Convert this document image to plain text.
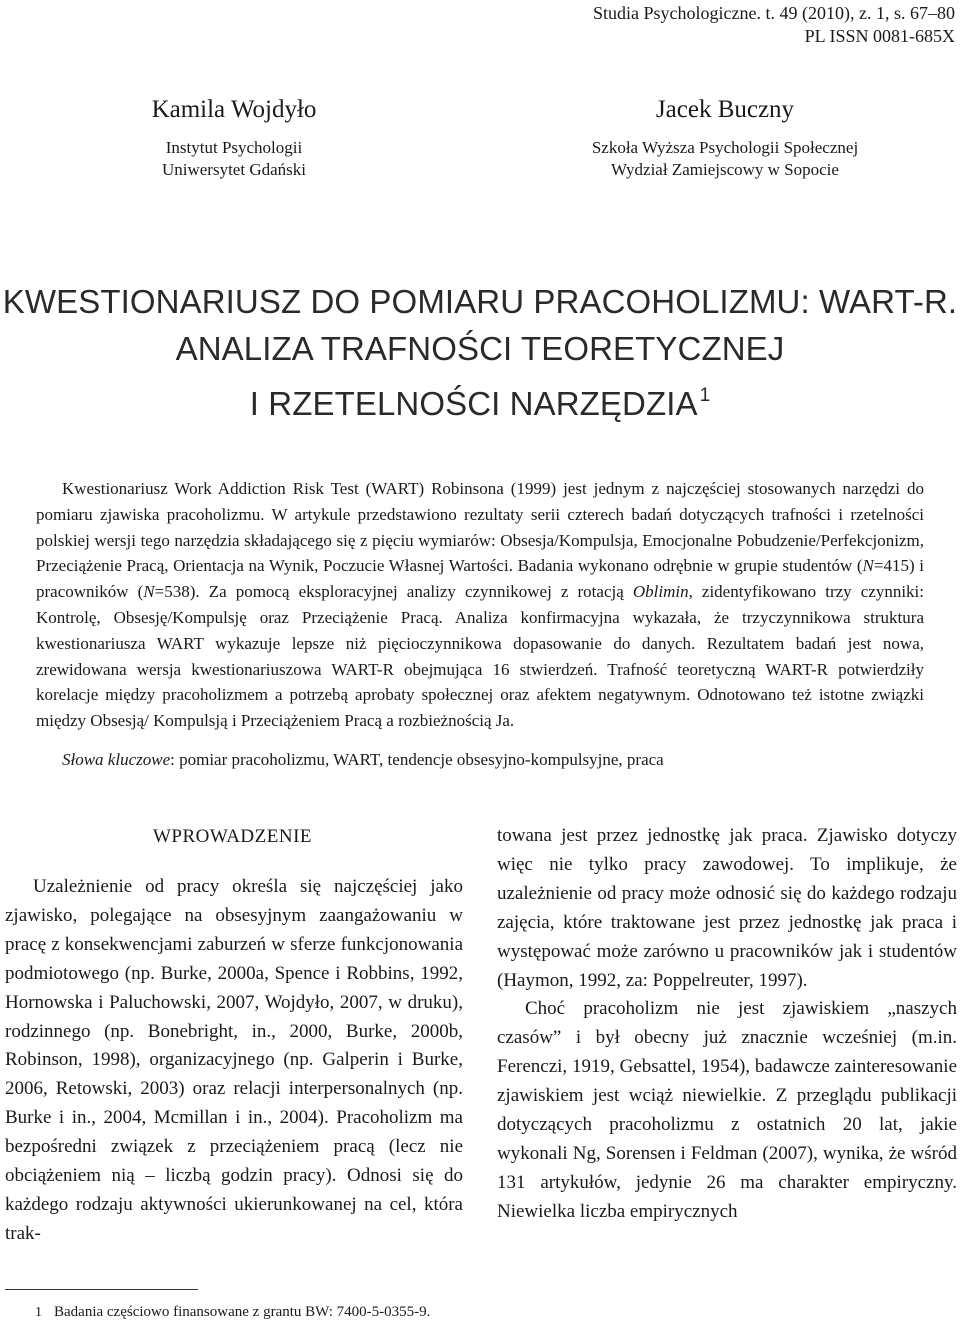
Studia Psychologiczne. t. 49 (2010), z. 1, s. 67–80
PL ISSN 0081-685X
Kamila Wojdyło
Instytut Psychologii
Uniwersytet Gdański
Jacek Buczny
Szkoła Wyższa Psychologii Społecznej
Wydział Zamiejscowy w Sopocie
KWESTIONARIUSZ DO POMIARU PRACOHOLIZMU: WART-R.
ANALIZA TRAFNOŚCI TEORETYCZNEJ
I RZETELNOŚCI NARZĘDZIA $^1$
Kwestionariusz Work Addiction Risk Test (WART) Robinsona (1999) jest jednym z najczęściej stosowanych narzędzi do pomiaru zjawiska pracoholizmu. W artykule przedstawiono rezultaty serii czterech badań dotyczących trafności i rzetelności polskiej wersji tego narzędzia składającego się z pięciu wymiarów: Obsesja/Kompulsja, Emocjonalne Pobudzenie/Perfekcjonizm, Przeciążenie Pracą, Orientacja na Wynik, Poczucie Własnej Wartości. Badania wykonano odrębnie w grupie studentów (N=415) i pracowników (N=538). Za pomocą eksploracyjnej analizy czynnikowej z rotacją Oblimin, zidentyfikowano trzy czynniki: Kontrolę, Obsesję/Kompulsję oraz Przeciążenie Pracą. Analiza konfirmacyjna wykazała, że trzyczynnikowa struktura kwestionariusza WART wykazuje lepsze niż pięcioczynnikowa dopasowanie do danych. Rezultatem badań jest nowa, zrewidowana wersja kwestionariuszowa WART-R obejmująca 16 stwierdzeń. Trafność teoretyczną WART-R potwierdziły korelacje między pracoholizmem a potrzebą aprobaty społecznej oraz afektem negatywnym. Odnotowano też istotne związki między Obsesją/ Kompulsją i Przeciążeniem Pracą a rozbieżnością Ja.
Słowa kluczowe: pomiar pracoholizmu, WART, tendencje obsesyjno-kompulsyjne, praca
WPROWADZENIE

Uzależnienie od pracy określa się najczęściej jako zjawisko, polegające na obsesyjnym zaangażowaniu w pracę z konsekwencjami zaburzeń w sferze funkcjonowania podmiotowego (np. Burke, 2000a, Spence i Robbins, 1992, Hornowska i Paluchowski, 2007, Wojdyło, 2007, w druku), rodzinnego (np. Bonebright, in., 2000, Burke, 2000b, Robinson, 1998), organizacyjnego (np. Galperin i Burke, 2006, Retowski, 2003) oraz relacji interpersonalnych (np. Burke i in., 2004, Mcmillan i in., 2004). Pracoholizm ma bezpośredni związek z przeciążeniem pracą (lecz nie obciążeniem nią – liczbą godzin pracy). Odnosi się do każdego rodzaju aktywności ukierunkowanej na cel, która trak-

towana jest przez jednostkę jak praca. Zjawisko dotyczy więc nie tylko pracy zawodowej. To implikuje, że uzależnienie od pracy może odnosić się do każdego rodzaju zajęcia, które traktowane jest przez jednostkę jak praca i występować może zarówno u pracowników jak i studentów (Haymon, 1992, za: Poppelreuter, 1997).

Choć pracoholizm nie jest zjawiskiem „naszych czasów” i był obecny już znacznie wcześniej (m.in. Ferenczi, 1919, Gebsattel, 1954), badawcze zainteresowanie zjawiskiem jest wciąż niewielkie. Z przeglądu publikacji dotyczących pracoholizmu z ostatnich 20 lat, jakie wykonali Ng, Sorensen i Feldman (2007), wynika, że wśród 131 artykułów, jedynie 26 ma charakter empiryczny. Niewielka liczba empirycznych

1 Badania częściowo finansowane z grantu BW: 7400-5-0355-9.
